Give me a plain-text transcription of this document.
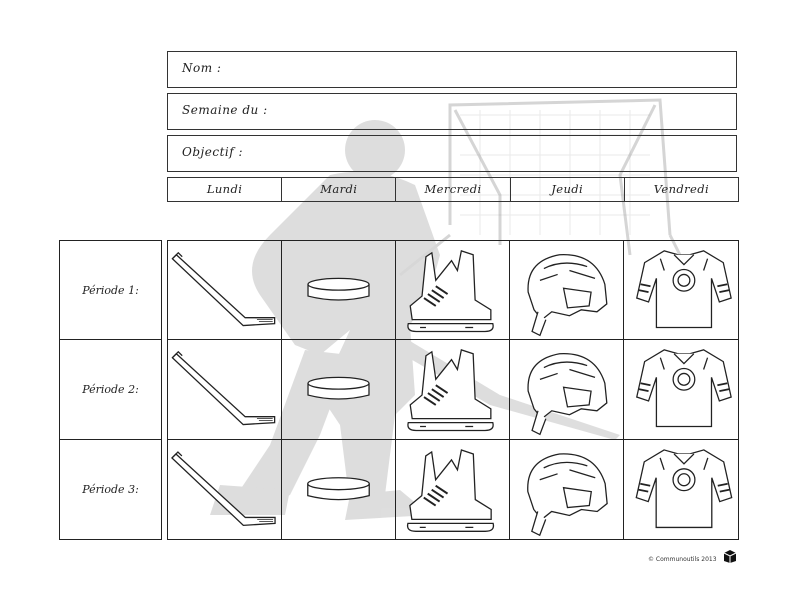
Nom :
Semaine du :
Objectif :
Lundi	Mardi	Mercredi	Jeudi	Vendredi
Période 1:
Période 2:
Période 3:
© Communoutils 2013
